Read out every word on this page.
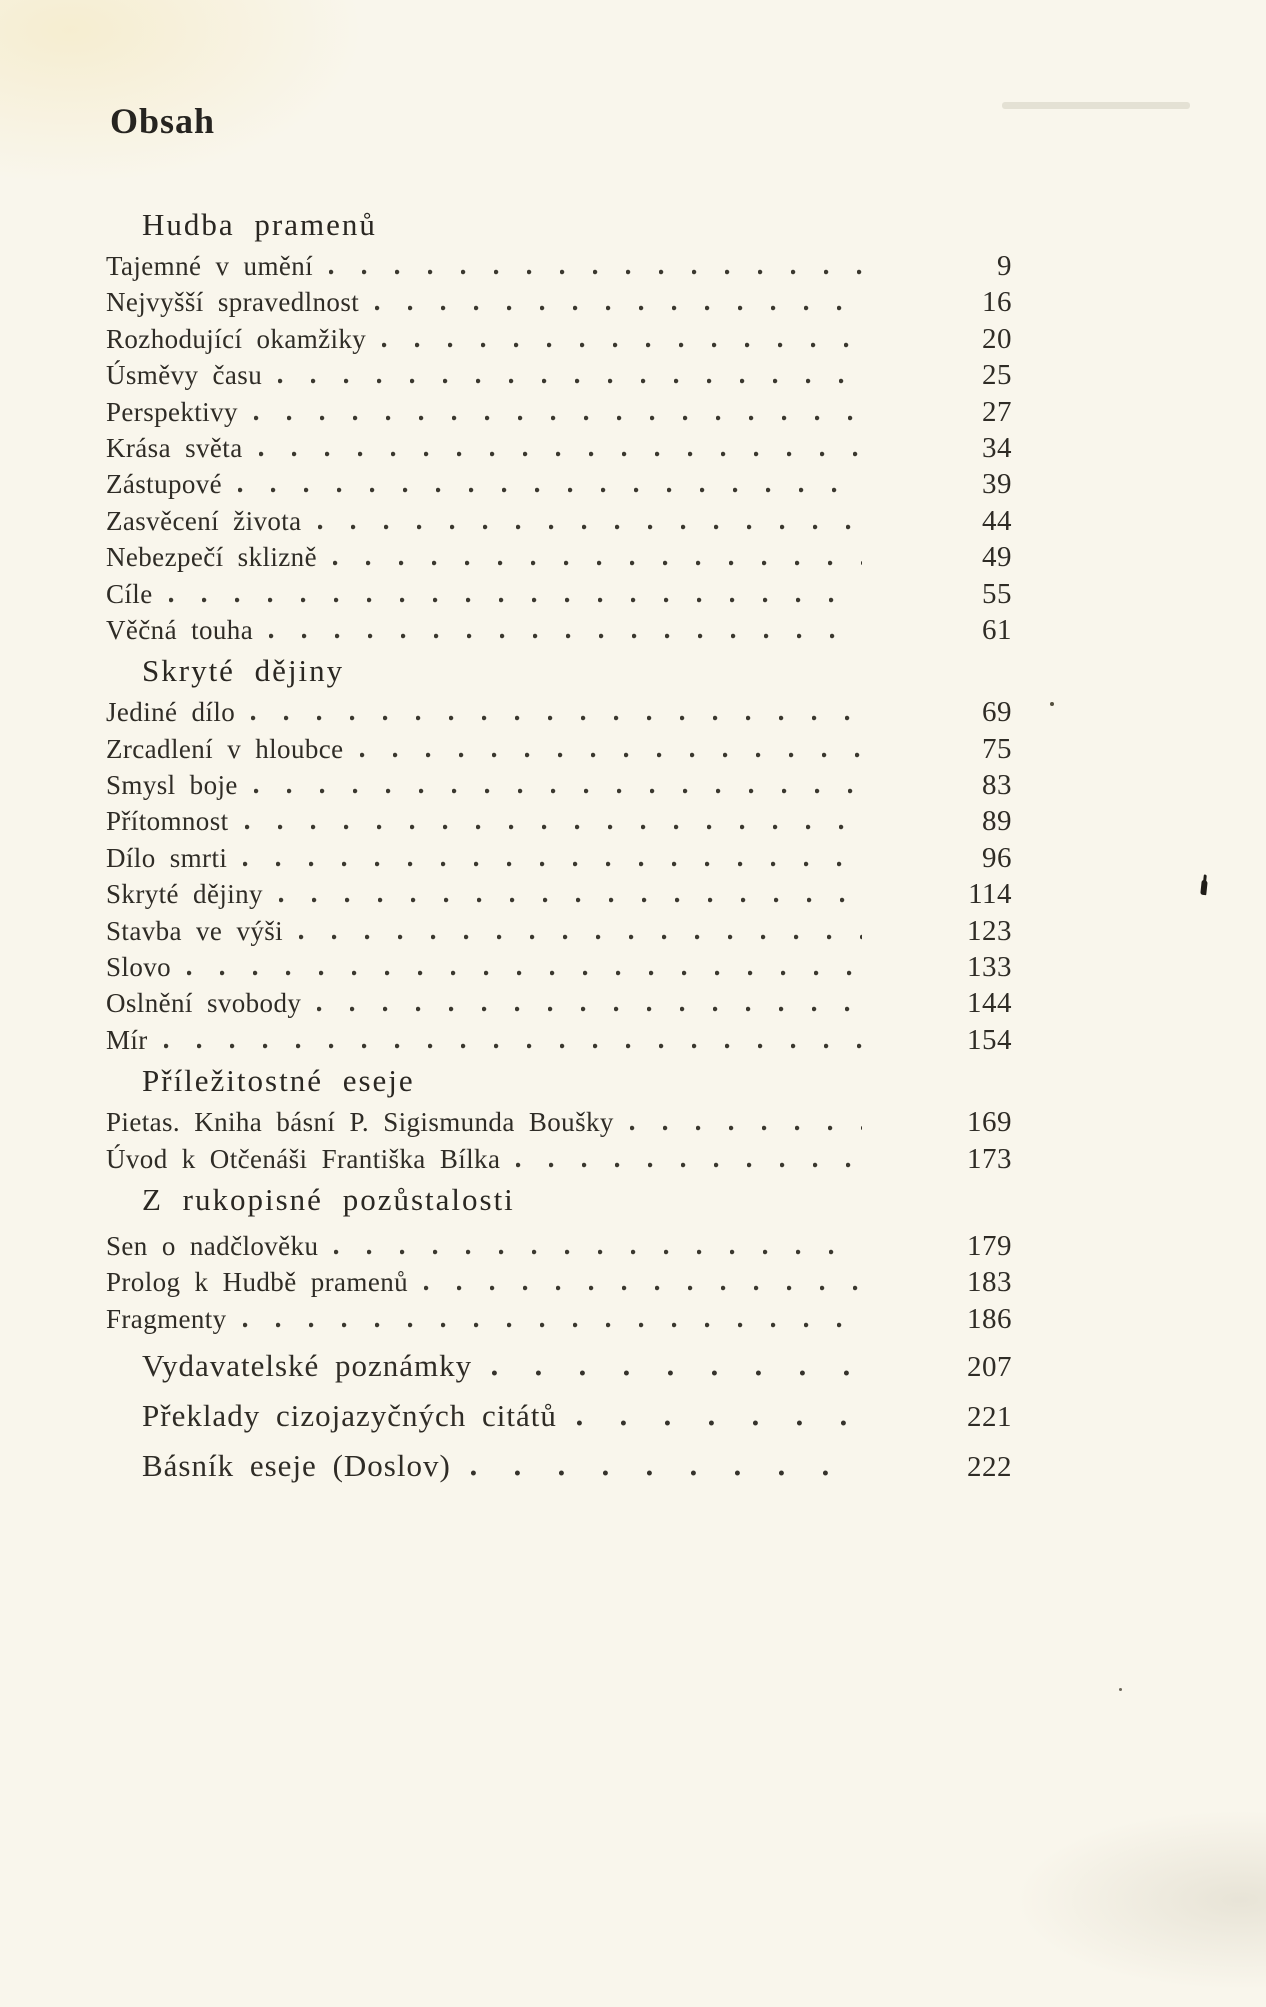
Obsah
Hudba pramenů
Tajemné v umění	9
Nejvyšší spravedlnost	16
Rozhodující okamžiky	20
Úsměvy času	25
Perspektivy	27
Krása světa	34
Zástupové	39
Zasvěcení života	44
Nebezpečí sklizně	49
Cíle	55
Věčná touha	61
Skryté dějiny
Jediné dílo	69
Zrcadlení v hloubce	75
Smysl boje	83
Přítomnost	89
Dílo smrti	96
Skryté dějiny	114
Stavba ve výši	123
Slovo	133
Oslnění svobody	144
Mír	154
Příležitostné eseje
Pietas. Kniha básní P. Sigismunda Boušky	169
Úvod k Otčenáši Františka Bílka	173
Z rukopisné pozůstalosti
Sen o nadčlověku	179
Prolog k Hudbě pramenů	183
Fragmenty	186
Vydavatelské poznámky	207
Překlady cizojazyčných citátů	221
Básník eseje (Doslov)	222
